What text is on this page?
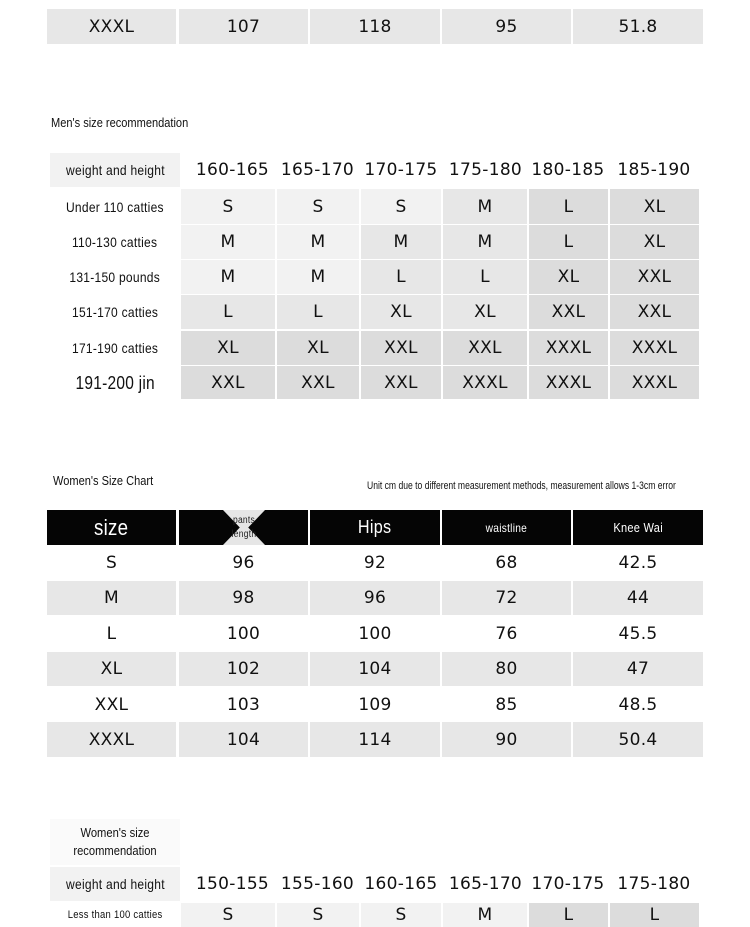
XXXL	107	118	95	51.8
Men's size recommendation
weight and height	160-165 165-170 170-175 175-180 180-185 185-190
Under 110 catties	S	S	S	M	L	XL
110-130 catties	M	M	M	M	L	XL
131-150 pounds	M	M	L	L	XL	XXL
151-170 catties	L	L	XL	XL	XXL	XXL
171-190 catties	XL	XL	XXL	XXL	XXXL	XXXL
191-200 jin	XXL	XXL	XXL	XXXL	XXXL	XXXL
Women's Size Chart	Unit cm due to different measurement methods, measurement allows 1-3cm error
size	pants length	Hips	waistline	Knee Wai
S	96	92	68	42.5
M	98	96	72	44
L	100	100	76	45.5
XL	102	104	80	47
XXL	103	109	85	48.5
XXXL	104	114	90	50.4
Women's size recommendation
weight and height	150-155 155-160 160-165 165-170 170-175 175-180
Less than 100 catties	S	S	S	M	L	L
